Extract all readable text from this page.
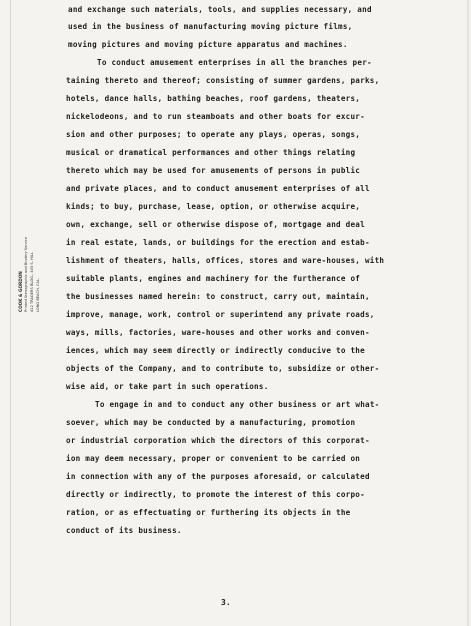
COOK & GORDON Printed Stenographic and Bindery Service 412 TRADERS BLDG., 405 S. HILL LONG BEACH, CAL.
and exchange such materials, tools, and supplies necessary, and
used in the business of manufacturing moving picture films,
moving pictures and moving picture apparatus and machines.
To conduct amusement enterprises in all the branches per-
taining thereto and thereof; consisting of summer gardens, parks,
hotels, dance halls, bathing beaches, roof gardens, theaters,
nickelodeons, and to run steamboats and other boats for excur-
sion and other purposes; to operate any plays, operas, songs,
musical or dramatical performances and other things relating
thereto which may be used for amusements of persons in public
and private places, and to conduct amusement enterprises of all
kinds; to buy, purchase, lease, option, or otherwise acquire,
own, exchange, sell or otherwise dispose of, mortgage and deal
in real estate, lands, or buildings for the erection and estab-
lishment of theaters, halls, offices, stores and ware-houses, with
suitable plants, engines and machinery for the furtherance of
the businesses named herein: to construct, carry out, maintain,
improve, manage, work, control or superintend any private roads,
ways, mills, factories, ware-houses and other works and conven-
iences, which may seem directly or indirectly conducive to the
objects of the Company, and to contribute to, subsidize or other-
wise aid, or take part in such operations.
To engage in and to conduct any other business or art what-
soever, which may be conducted by a manufacturing, promotion
or industrial corporation which the directors of this corporat-
ion may deem necessary, proper or convenient to be carried on
in connection with any of the purposes aforesaid, or calculated
directly or indirectly, to promote the interest of this corpo-
ration, or as effectuating or furthering its objects in the
conduct of its business.
3.
